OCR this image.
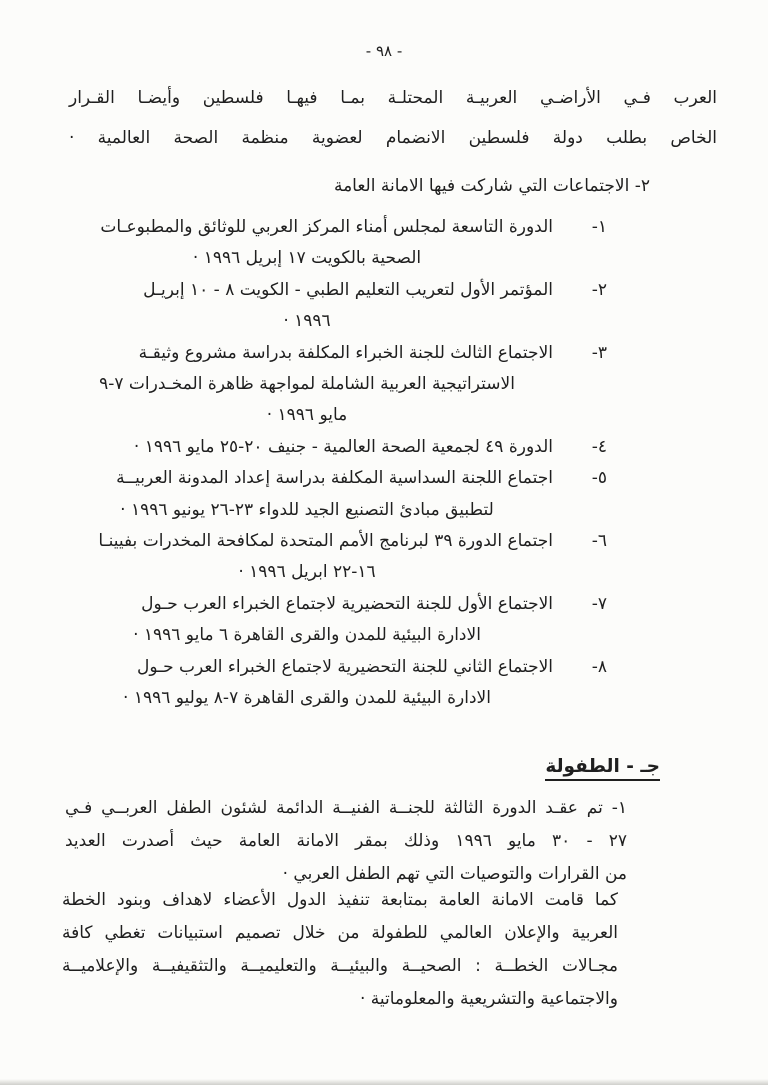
- ٩٨ -
العرب فـي الأراضـي العربيـة المحتلـة بمـا فيهـا فلسطين وأيضـا القـرار
الخاص بطلب دولة فلسطين الانضمام لعضوية منظمة الصحة العالمية ·
٢- الاجتماعات التي شاركت فيها الامانة العامة
١-
الدورة التاسعة لمجلس أمناء المركز العربي للوثائق والمطبوعـات
الصحية بالكويت ١٧ إبريل ١٩٩٦ ·
٢-
المؤتمر الأول لتعريب التعليم الطبي - الكويت ٨ - ١٠ إبريـل
١٩٩٦ ·
٣-
الاجتماع الثالث للجنة الخبراء المكلفة بدراسة مشروع وثيقـة
الاستراتيجية العربية الشاملة لمواجهة ظاهرة المخـدرات ٧-٩
مايو ١٩٩٦ ·
٤-
الدورة ٤٩ لجمعية الصحة العالمية - جنيف ٢٠-٢٥ مايو ١٩٩٦ ·
٥-
اجتماع اللجنة السداسية المكلفة بدراسة إعداد المدونة العربيــة
لتطبيق مبادئ التصنيع الجيد للدواء ٢٣-٢٦ يونيو ١٩٩٦ ·
٦-
اجتماع الدورة ٣٩ لبرنامج الأمم المتحدة لمكافحة المخدرات بفيينـا
١٦-٢٢ ابريل ١٩٩٦ ·
٧-
الاجتماع الأول للجنة التحضيرية لاجتماع الخبراء العرب حـول
الادارة البيئية للمدن والقرى القاهرة ٦ مايو ١٩٩٦ ·
٨-
الاجتماع الثاني للجنة التحضيرية لاجتماع الخبراء العرب حـول
الادارة البيئية للمدن والقرى القاهرة ٧-٨ يوليو ١٩٩٦ ·
جـ - الطفولة
١- تم عقـد الدورة الثالثة للجنــة الفنيــة الدائمة لشئون الطفل العربــي فـي
٢٧ - ٣٠ مايو ١٩٩٦ وذلك بمقر الامانة العامة حيث أصدرت العديد
من القرارات والتوصيات التي تهم الطفل العربي ·
كما قامت الامانة العامة بمتابعة تنفيذ الدول الأعضاء لاهداف وبنود الخطة
العربية والإعلان العالمي للطفولة من خلال تصميم استبيانات تغطي كافة
مجـالات الخطــة : الصحيــة والبيئيــة والتعليميــة والتثقيفيــة والإعلاميــة
والاجتماعية والتشريعية والمعلوماتية ·
